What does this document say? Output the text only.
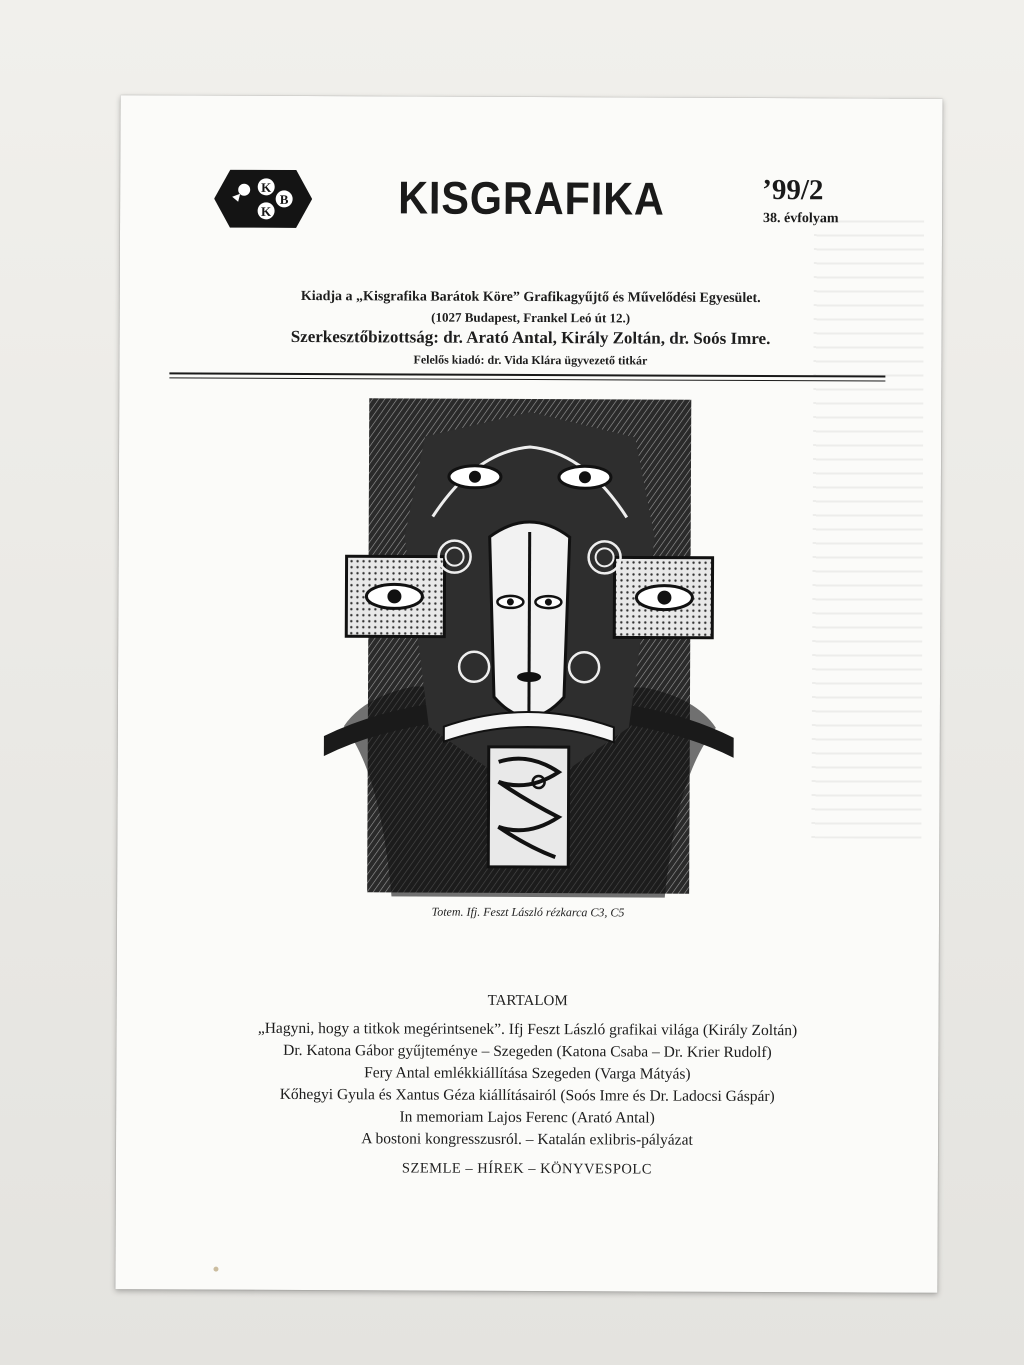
K
B
K	KISGRAFIKA	’99/2
38. évfolyam
Kiadja a „Kisgrafika Barátok Köre” Grafikagyűjtő és Művelődési Egyesület.
(1027 Budapest, Frankel Leó út 12.)
Szerkesztőbizottság: dr. Arató Antal, Király Zoltán, dr. Soós Imre.
Felelős kiadó: dr. Vida Klára ügyvezető titkár
Totem. Ifj. Feszt László rézkarca C3, C5
TARTALOM
„Hagyni, hogy a titkok megérintsenek”. Ifj Feszt László grafikai világa (Király Zoltán)
Dr. Katona Gábor gyűjteménye – Szegeden (Katona Csaba – Dr. Krier Rudolf)
Fery Antal emlékkiállítása Szegeden (Varga Mátyás)
Kőhegyi Gyula és Xantus Géza kiállításairól (Soós Imre és Dr. Ladocsi Gáspár)
In memoriam Lajos Ferenc (Arató Antal)
A bostoni kongresszusról. – Katalán exlibris-pályázat
SZEMLE – HÍREK – KÖNYVESPOLC
